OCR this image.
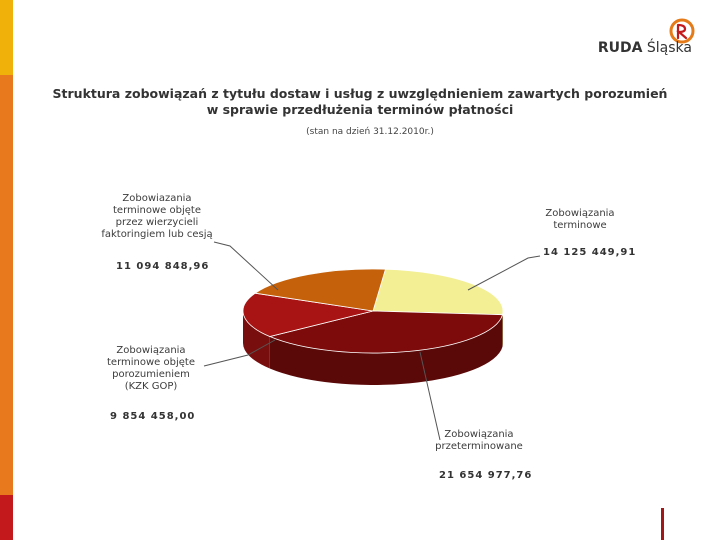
RUDA Śląska
Struktura zobowiązań z tytułu dostaw i usług z uwzględnieniem zawartych porozumień
w sprawie przedłużenia terminów płatności
(stan na dzień 31.12.2010r.)
Zobowiazania
terminowe objęte
przez wierzycieli
faktoringiem lub cesją
11 094 848,96
Zobowiązania
terminowe
14 125 449,91
Zobowiązania
terminowe objęte
porozumieniem
(KZK GOP)
9 854 458,00
Zobowiązania
przeterminowane
21 654 977,76
